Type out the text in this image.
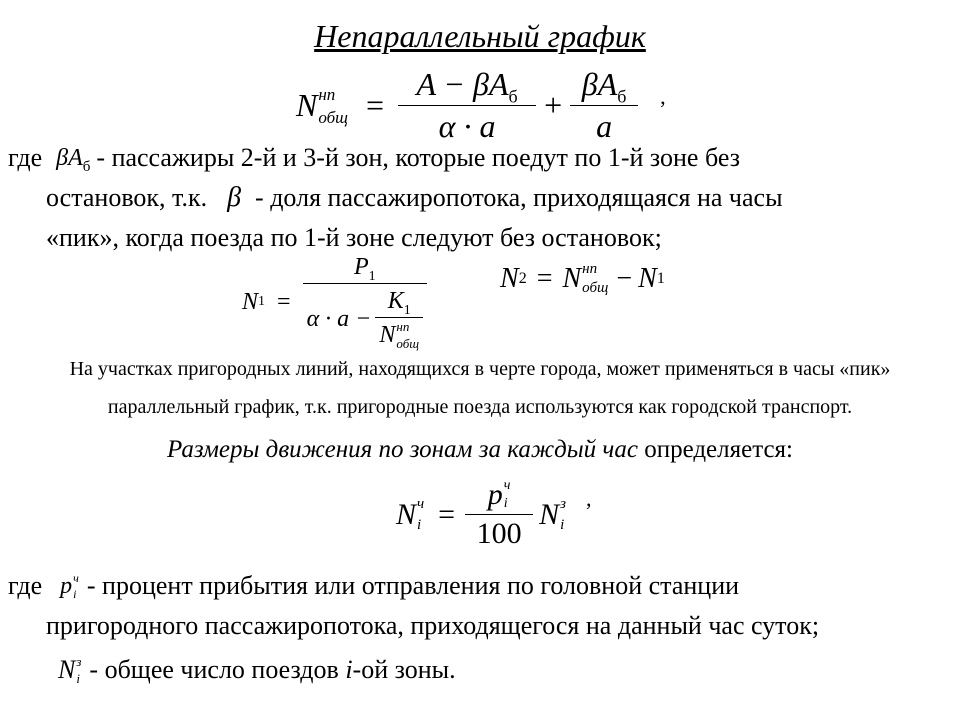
Непараллельный график
N нп
общ = $\frac{A - \beta A_б}{\alpha \cdot a} + \frac{\beta A_б}{a}$ ,
где $\beta A_б$ - пассажиры 2-й и 3-й зон, которые поедут по 1-й зоне без
остановок, т.к. β - доля пассажиропотока, приходящаяся на часы
«пик», когда поезда по 1-й зоне следуют без остановок;
N 1 =
$P_1$
$\alpha \cdot a - K_1$
N нп
общ
N 2 = N нп
общ − N 1
На участках пригородных линий, находящихся в черте города, может применяться в часы «пик»
параллельный график, т.к. пригородные поезда используются как городской транспорт.
Размеры движения по зонам за каждый час определяется:
N ч
i = p ч
i
100 N з
i
,
где p ч
i - процент прибытия или отправления по головной станции
пригородного пассажиропотока, приходящегося на данный час суток;
N з
i - общее число поездов
i -ой зоны.
